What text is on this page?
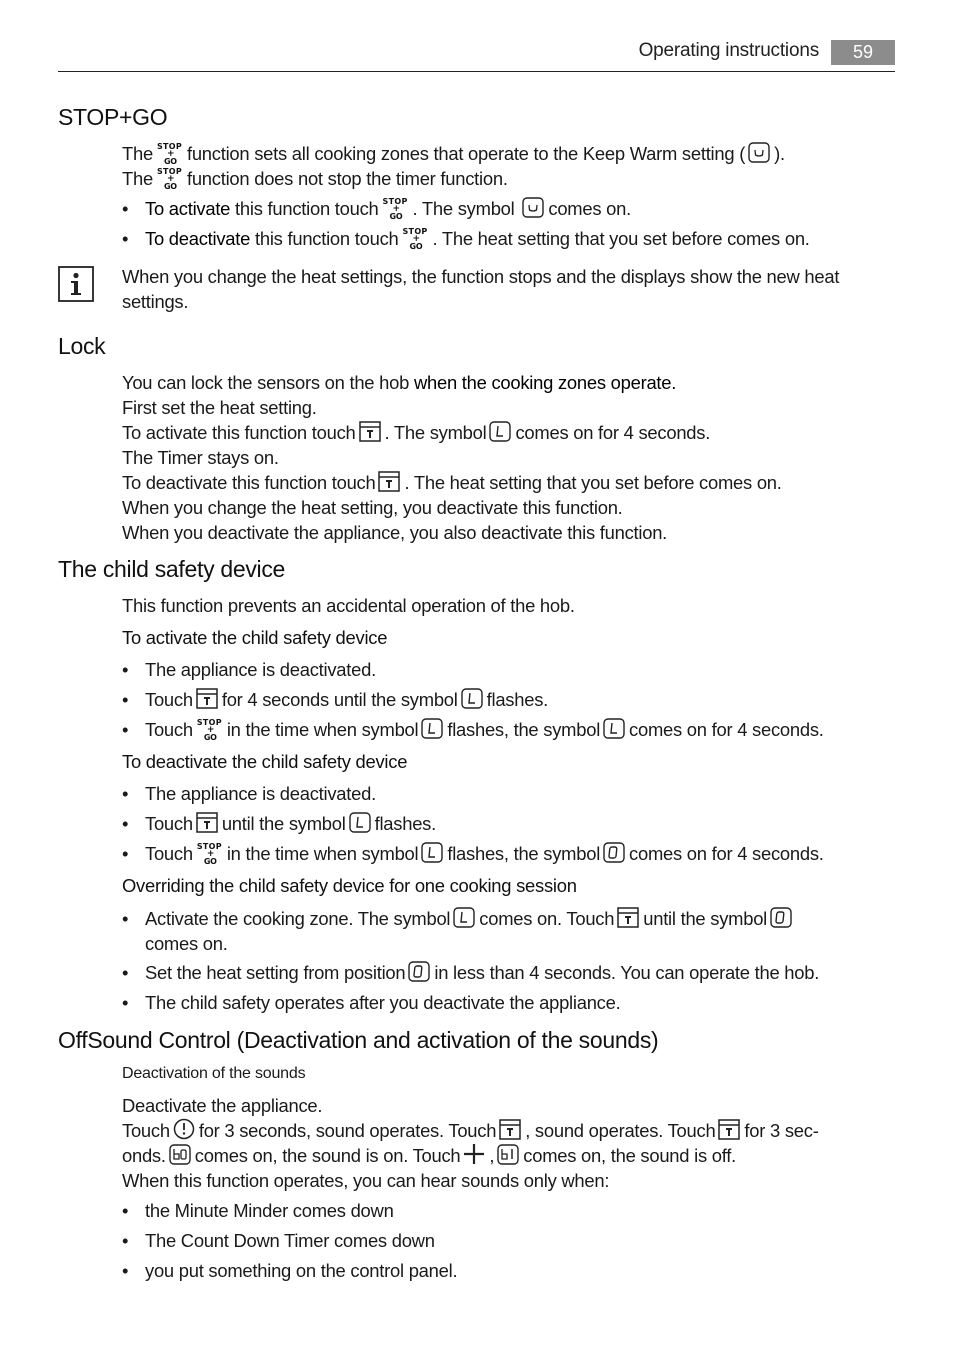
Operating instructions	59
STOP+GO
The STOP
+
GO function sets all cooking zones that operate to the Keep Warm setting ( ).
The STOP
+
GO function does not stop the timer function.
• To activate this function touch STOP
+
GO . The symbol comes on.
• To deactivate this function touch STOP
+
GO . The heat setting that you set before comes on.
When you change the heat settings, the function stops and the displays show the new heat
settings.
Lock
You can lock the sensors on the hob when the cooking zones operate.
First set the heat setting.
To activate this function touch . The symbol comes on for 4 seconds.
The Timer stays on.
To deactivate this function touch . The heat setting that you set before comes on.
When you change the heat setting, you deactivate this function.
When you deactivate the appliance, you also deactivate this function.
The child safety device
This function prevents an accidental operation of the hob.
To activate the child safety device
• The appliance is deactivated.
• Touch for 4 seconds until the symbol flashes.
• Touch STOP
+
GO in the time when symbol flashes, the symbol comes on for 4 seconds.
To deactivate the child safety device
• The appliance is deactivated.
• Touch until the symbol flashes.
• Touch STOP
+
GO in the time when symbol flashes, the symbol comes on for 4 seconds.
Overriding the child safety device for one cooking session
• Activate the cooking zone. The symbol comes on. Touch until the symbol
comes on.
• Set the heat setting from position in less than 4 seconds. You can operate the hob.
• The child safety operates after you deactivate the appliance.
OffSound Control (Deactivation and activation of the sounds)
Deactivation of the sounds
Deactivate the appliance.
Touch for 3 seconds, sound operates. Touch , sound operates. Touch for 3 sec-
onds. comes on, the sound is on. Touch , comes on, the sound is off.
When this function operates, you can hear sounds only when:
• the Minute Minder comes down
• The Count Down Timer comes down
• you put something on the control panel.
